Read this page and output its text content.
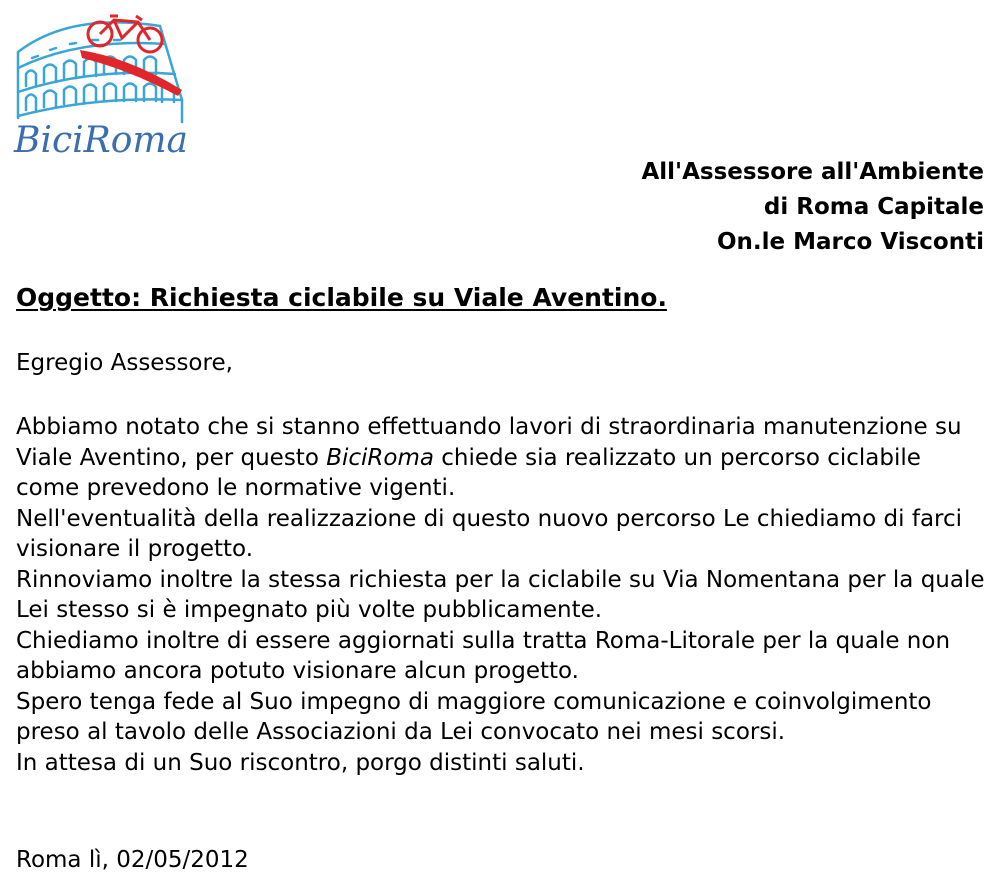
BiciRoma
All'Assessore all'Ambiente
di Roma Capitale
On.le Marco Visconti
Oggetto: Richiesta ciclabile su Viale Aventino.
Egregio Assessore,

Abbiamo notato che si stanno effettuando lavori di straordinaria manutenzione su Viale Aventino, per questo BiciRoma chiede sia realizzato un percorso ciclabile come prevedono le normative vigenti.

Nell'eventualità della realizzazione di questo nuovo percorso Le chiediamo di farci visionare il progetto.

Rinnoviamo inoltre la stessa richiesta per la ciclabile su Via Nomentana per la quale Lei stesso si è impegnato più volte pubblicamente.

Chiediamo inoltre di essere aggiornati sulla tratta Roma-Litorale per la quale non abbiamo ancora potuto visionare alcun progetto.

Spero tenga fede al Suo impegno di maggiore comunicazione e coinvolgimento preso al tavolo delle Associazioni da Lei convocato nei mesi scorsi.

In attesa di un Suo riscontro, porgo distinti saluti.

Roma lì, 02/05/2012
